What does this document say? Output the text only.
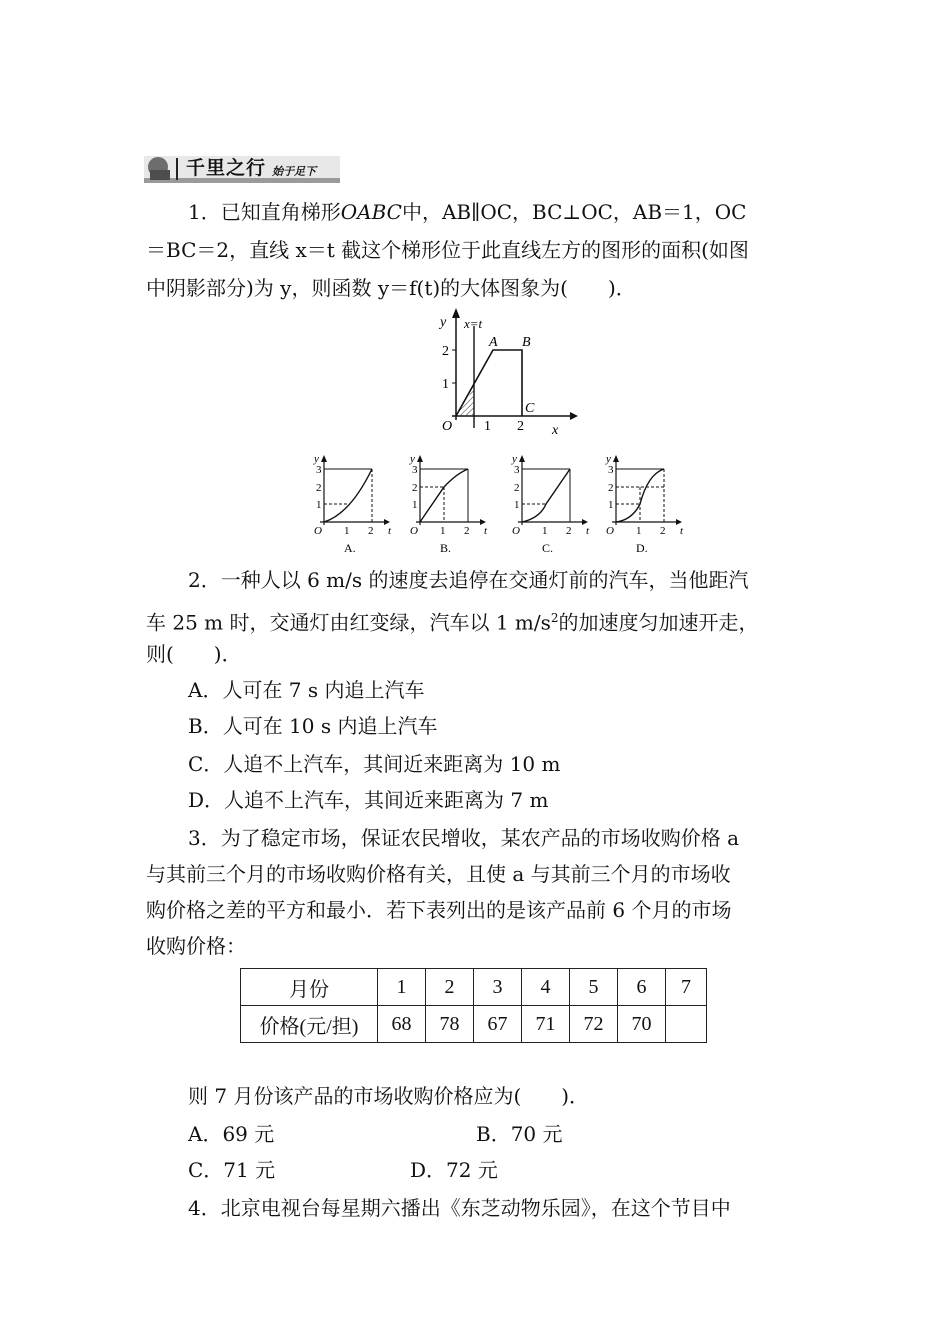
千里之行 始于足下
1．已知直角梯形OABC中，AB∥OC，BC⊥OC，AB＝1，OC
＝BC＝2，直线 x＝t 截这个梯形位于此直线左方的图形的面积(如图
中阴影部分)为 y，则函数 y＝f(t)的大体图象为(　　)．
y x=t
2
1
A B
C
O 1 2 x
y
3
2
1
O 1 2 t
A.
y
3
2
1
O 1 2 t
B.
y
3
2
1
O 1 2 t
C.
y
3
2
1
O 1 2 t
D.
2．一种人以 6 m/s 的速度去追停在交通灯前的汽车，当他距汽
车 25 m 时，交通灯由红变绿，汽车以 1 $m/s^2$的加速度匀加速开走，
则(　　)．
A．人可在 7 s 内追上汽车
B．人可在 10 s 内追上汽车
C．人追不上汽车，其间近来距离为 10 m
D．人追不上汽车，其间近来距离为 7 m
3．为了稳定市场，保证农民增收，某农产品的市场收购价格 a
与其前三个月的市场收购价格有关，且使 a 与其前三个月的市场收
购价格之差的平方和最小．若下表列出的是该产品前 6 个月的市场
收购价格：
月份	1	2	3	4	5	6	7
价格(元/担)	68	78	67	71	72	70	
则 7 月份该产品的市场收购价格应为(　　)．
A．69 元	B．70 元
C．71 元	D．72 元
4．北京电视台每星期六播出《东芝动物乐园》，在这个节目中
